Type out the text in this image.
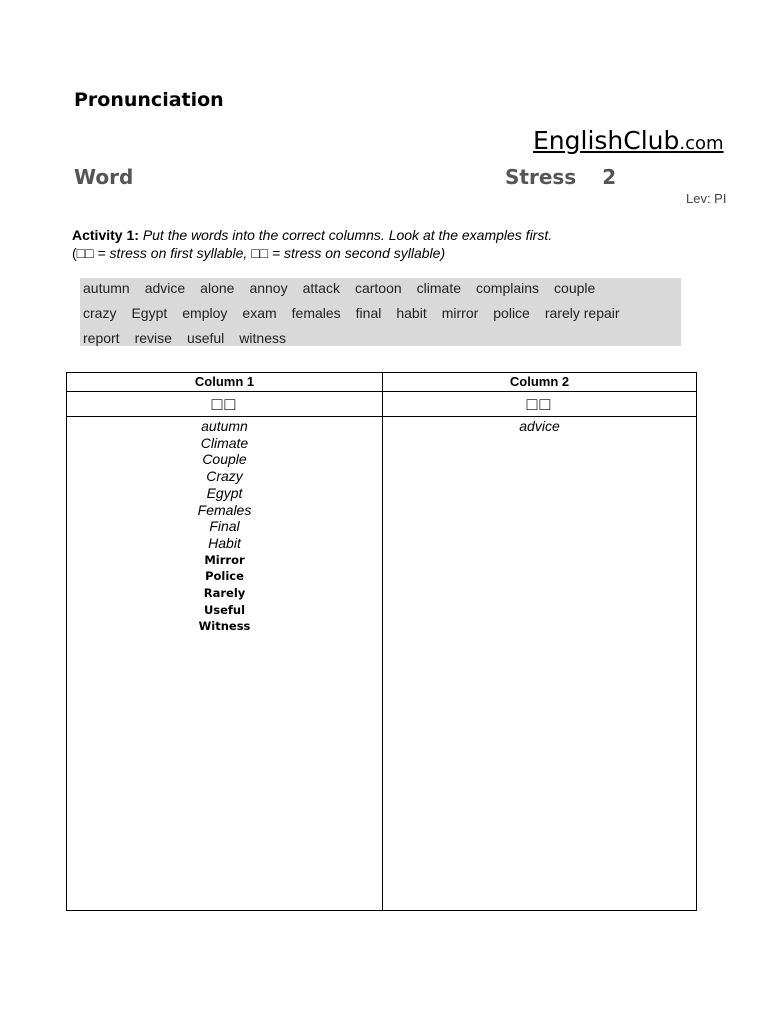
Pronunciation
EnglishClub.com
Word	Stress 2
Lev: PI
Activity 1: Put the words into the correct columns. Look at the examples first.
(□□ = stress on first syllable, □□ = stress on second syllable)
autumn advice alone annoy attack cartoon climate complains couple
crazy Egypt employ exam females final habit mirror police rarely repair
report revise useful witness
Column 1
□□
autumn
Climate
Couple
Crazy
Egypt
Females
Final
Habit
Mirror
Police
Rarely
Useful
Witness
Column 2
□□
advice
